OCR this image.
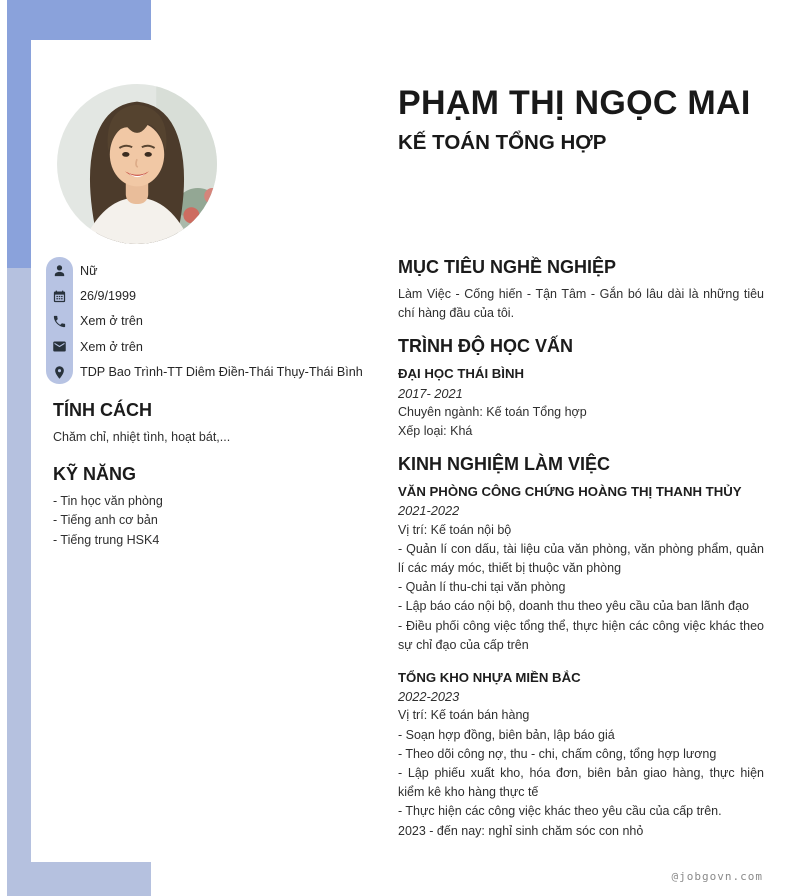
PHẠM THỊ NGỌC MAI
KẾ TOÁN TỔNG HỢP
Nữ
26/9/1999
Xem ở trên
Xem ở trên
TDP Bao Trình-TT Diêm Điền-Thái Thụy-Thái Bình
TÍNH CÁCH
Chăm chỉ, nhiệt tình, hoạt bát,...
KỸ NĂNG
- Tin học văn phòng
- Tiếng anh cơ bản
- Tiếng trung HSK4
MỤC TIÊU NGHỀ NGHIỆP
Làm Việc - Cống hiến - Tận Tâm - Gắn bó lâu dài là những tiêu chí hàng đầu của tôi.
TRÌNH ĐỘ HỌC VẤN
ĐẠI HỌC THÁI BÌNH
2017- 2021
Chuyên ngành: Kế toán Tổng hợp
Xếp loại: Khá
KINH NGHIỆM LÀM VIỆC
VĂN PHÒNG CÔNG CHỨNG HOÀNG THỊ THANH THỦY
2021-2022
Vị trí: Kế toán nội bộ
- Quản lí con dấu, tài liệu của văn phòng, văn phòng phẩm, quản lí các máy móc, thiết bị thuộc văn phòng
- Quản lí thu-chi tại văn phòng
- Lập báo cáo nội bộ, doanh thu theo yêu cầu của ban lãnh đạo
- Điều phối công việc tổng thể, thực hiện các công việc khác theo sự chỉ đạo của cấp trên
TỔNG KHO NHỰA MIỀN BẮC
2022-2023
Vị trí: Kế toán bán hàng
- Soạn hợp đồng, biên bản, lập báo giá
- Theo dõi công nợ, thu - chi, chấm công, tổng hợp lương
- Lập phiếu xuất kho, hóa đơn, biên bản giao hàng, thực hiện kiểm kê kho hàng thực tế
- Thực hiện các công việc khác theo yêu cầu của cấp trên.
2023 - đến nay: nghỉ sinh chăm sóc con nhỏ
@jobgovn.com
